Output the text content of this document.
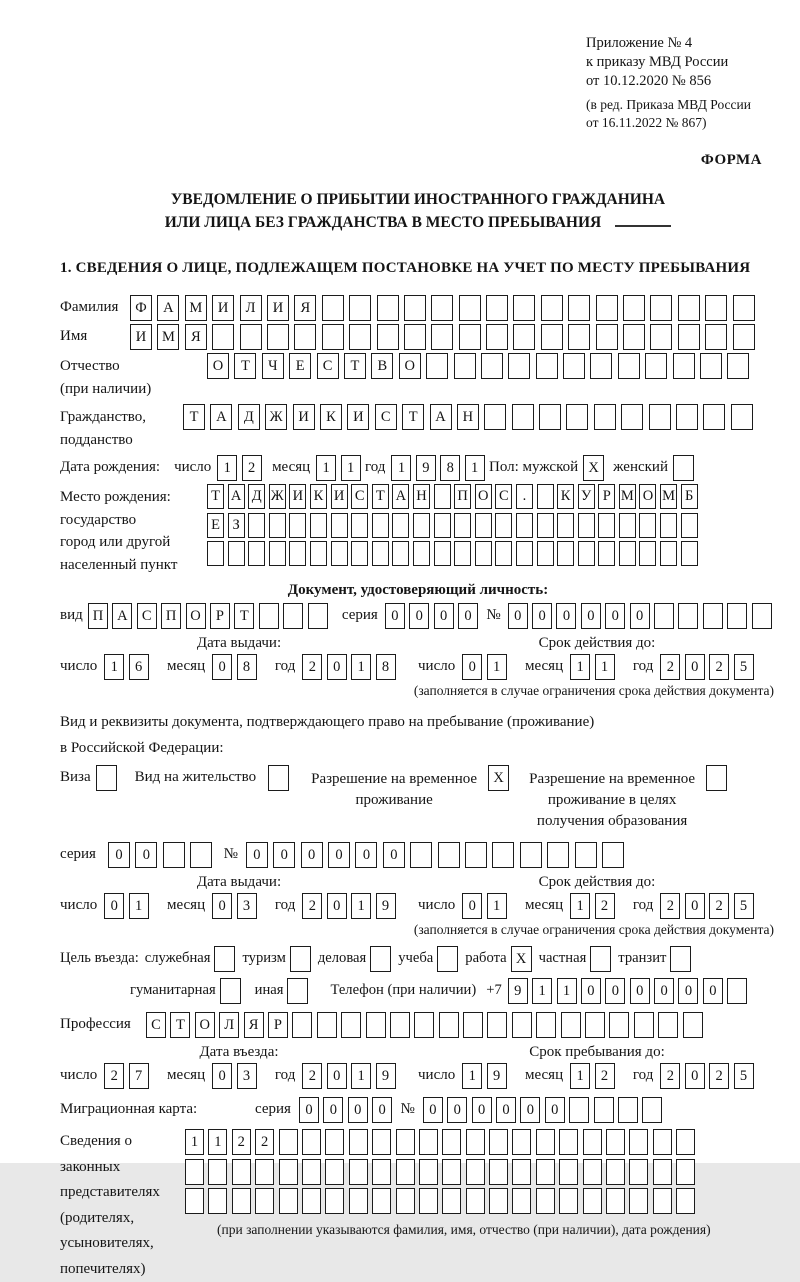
Приложение № 4
к приказу МВД России
от 10.12.2020 № 856
(в ред. Приказа МВД России
от 16.11.2022 № 867)
ФОРМА
УВЕДОМЛЕНИЕ О ПРИБЫТИИ ИНОСТРАННОГО ГРАЖДАНИНА
ИЛИ ЛИЦА БЕЗ ГРАЖДАНСТВА В МЕСТО ПРЕБЫВАНИЯ
1. СВЕДЕНИЯ О ЛИЦЕ, ПОДЛЕЖАЩЕМ ПОСТАНОВКЕ НА УЧЕТ ПО МЕСТУ ПРЕБЫВАНИЯ
Фамилия	Ф	А	М	И	Л	И	Я
Имя	И	М	Я
Отчество
(при наличии)
О	Т	Ч	Е	С	Т	В	О
Гражданство,
подданство
Т	А	Д	Ж	И	К	И	С	Т	А	Н
Дата рождения: число 1	2	месяц 1	1 год 1	9	8	1 Пол: мужской X женский
Место рождения:
государство
город или другой
населенный пункт
Т А Д Ж И К И С Т А Н П О С .	К У Р М О М Б
Е З
Документ, удостоверяющий личность:
вид П А С П О	Р	Т	серия 0	0	0	0 № 0	0	0	0	0	0
Дата выдачи:	Срок действия до:
число 1	6	месяц 0	8	год 2	0	1	8	число 0	1	месяц 1	1	год 2	0	2	5
(заполняется в случае ограничения срока действия документа)
Вид и реквизиты документа, подтверждающего право на пребывание (проживание)
в Российской Федерации:
Виза	Вид на жительство	Разрешение на временное проживание
X	Разрешение на временное проживание в целях получения образования
серия	0	0	№	0	0	0	0	0	0
Дата выдачи:	Срок действия до:
число 0	1	месяц 0	3	год 2	0	1	9	число 0	1	месяц 1	2	год 2	0	2	5
(заполняется в случае ограничения срока действия документа)
Цель въезда: служебная туризм деловая учеба работа X частная транзит
гуманитарная	иная	Телефон (при наличии) +7 9	1	1	0	0	0	0	0	0
Профессия	С	Т	О Л	Я	Р
Дата въезда:	Срок пребывания до:
число 2	7	месяц 0	3	год 2	0	1	9	число 1	9	месяц 1	2	год 2	0	2	5
Миграционная карта:	серия 0	0	0	0 № 0	0	0	0	0	0
Сведения о
законных
представителях
(родителях,
усыновителях,
попечителях)
1	1	2	2
(при заполнении указываются фамилия, имя, отчество (при наличии), дата рождения)
